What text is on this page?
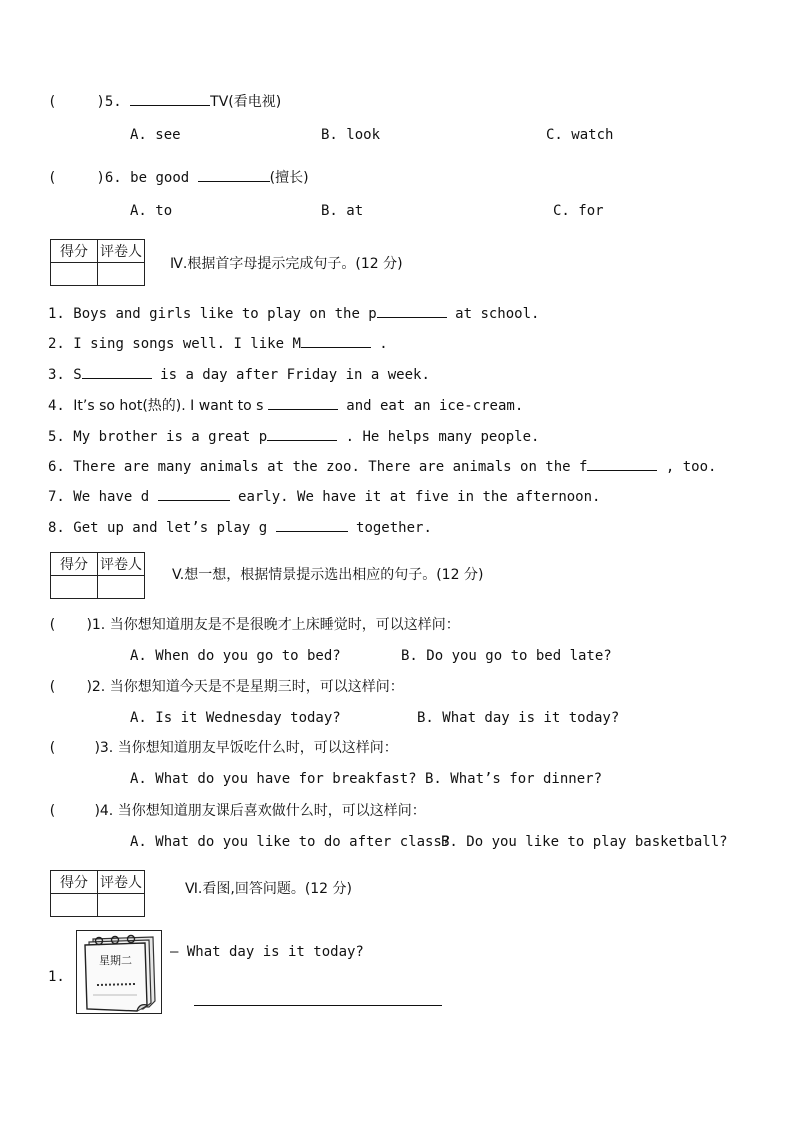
(	)5.	TV(看电视)
A. see	B. look	C. watch
(	)6. be good	(擅长)
A. to	B. at	C. for
得分	评卷人

Ⅳ.根据首字母提示完成句子。(12 分)
1. Boys and girls like to play on the p	at school.
2. I sing songs well. I like M	.
3. S	is a day after Friday in a week.
4. It’s so hot(热的). I want to s	and eat an ice-cream.
5. My brother is a great p	. He helps many people.
6. There are many animals at the zoo. There are animals on the f	, too.
7. We have d	early. We have it at five in the afternoon.
8. Get up and let’s play g	together.
得分	评卷人

V.想一想，根据情景提示选出相应的句子。(12 分)
( )1. 当你想知道朋友是不是很晚才上床睡觉时，可以这样问：
A. When do you go to bed?	B. Do you go to bed late?
( )2. 当你想知道今天是不是星期三时，可以这样问：
A. Is it Wednesday today?	B. What day is it today?
(	)3. 当你想知道朋友早饭吃什么时，可以这样问：
A. What do you have for breakfast? B. What’s for dinner?
(	)4. 当你想知道朋友课后喜欢做什么时，可以这样问：
A. What do you like to do after class?
B. Do you like to play basketball?
得分	评卷人
		Ⅵ.看图,回答问题。(12 分)
1.
星期二
— What day is it today?
